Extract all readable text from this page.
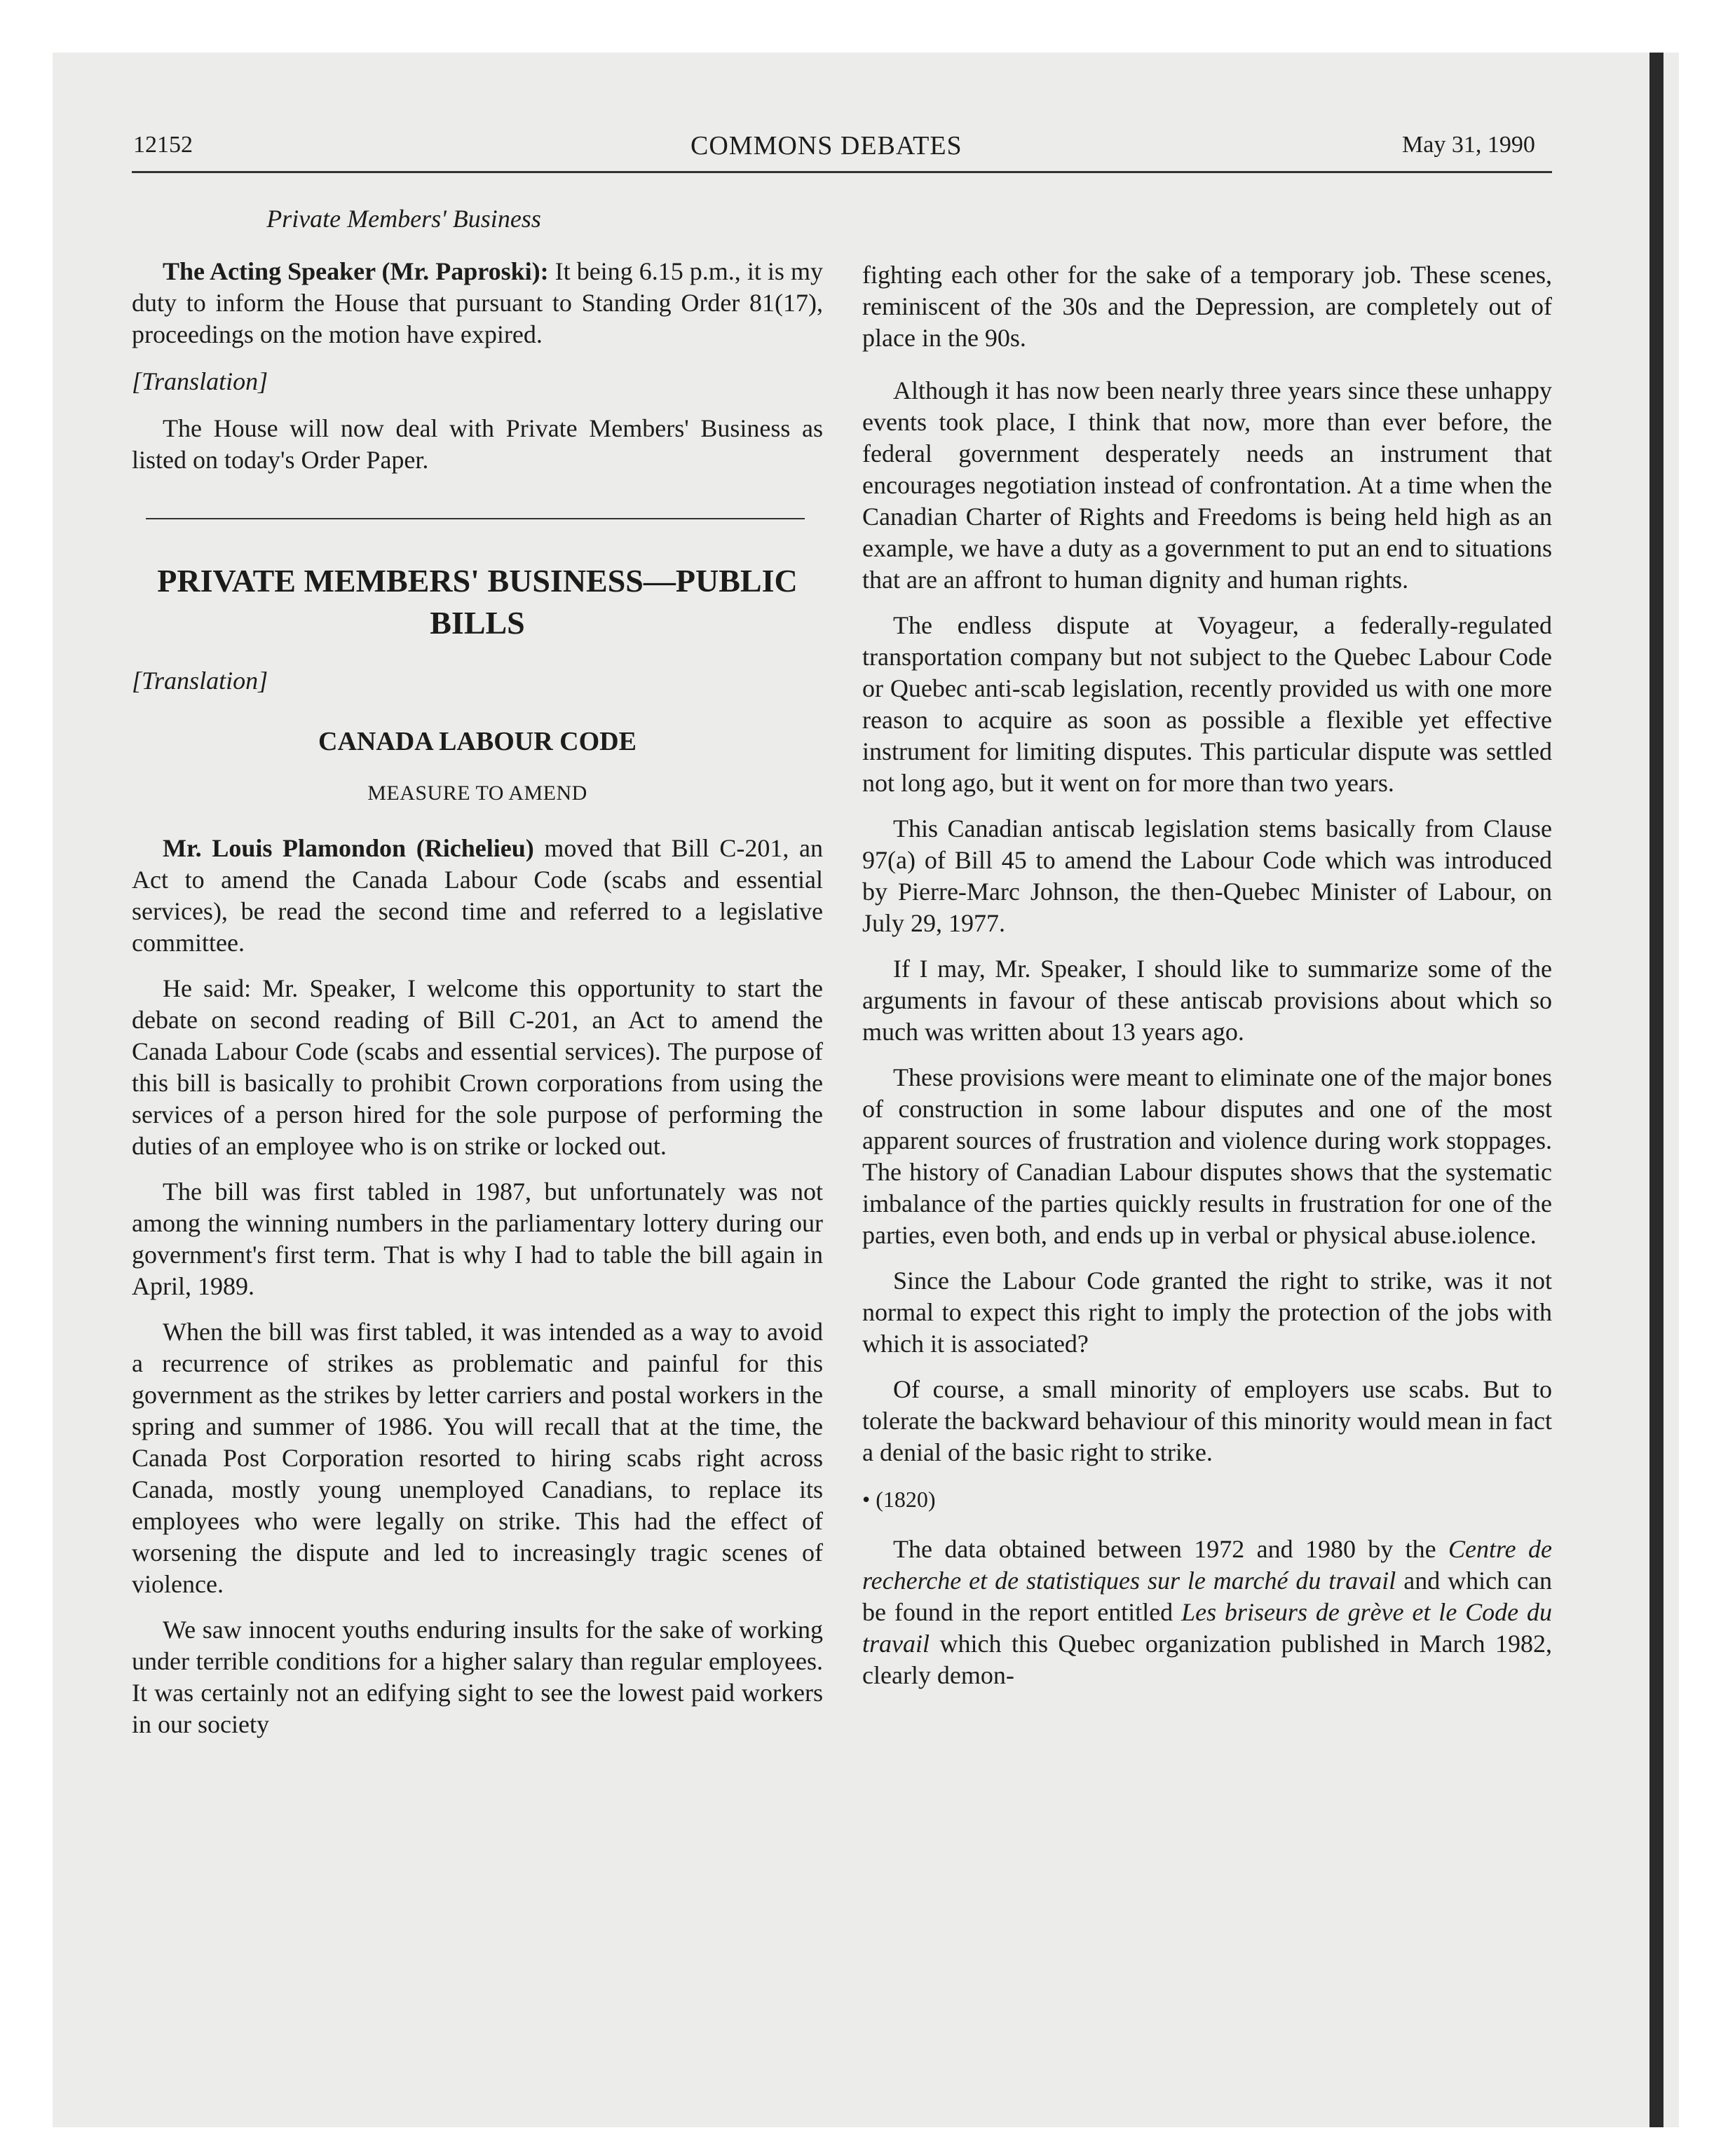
12152	COMMONS DEBATES	May 31, 1990

Private Members' Business

The Acting Speaker (Mr. Paproski): It being 6.15 p.m., it is my duty to inform the House that pursuant to Standing Order 81(17), proceedings on the motion have expired.

[Translation]

The House will now deal with Private Members' Business as listed on today's Order Paper.

PRIVATE MEMBERS' BUSINESS—PUBLIC BILLS

[Translation]

CANADA LABOUR CODE

MEASURE TO AMEND

Mr. Louis Plamondon (Richelieu) moved that Bill C-201, an Act to amend the Canada Labour Code (scabs and essential services), be read the second time and referred to a legislative committee.

He said: Mr. Speaker, I welcome this opportunity to start the debate on second reading of Bill C-201, an Act to amend the Canada Labour Code (scabs and essential services). The purpose of this bill is basically to prohibit Crown corporations from using the services of a person hired for the sole purpose of performing the duties of an employee who is on strike or locked out.

The bill was first tabled in 1987, but unfortunately was not among the winning numbers in the parliamentary lottery during our government's first term. That is why I had to table the bill again in April, 1989.

When the bill was first tabled, it was intended as a way to avoid a recurrence of strikes as problematic and painful for this government as the strikes by letter carriers and postal workers in the spring and summer of 1986. You will recall that at the time, the Canada Post Corporation resorted to hiring scabs right across Canada, mostly young unemployed Canadians, to replace its employees who were legally on strike. This had the effect of worsening the dispute and led to increasingly tragic scenes of violence.

We saw innocent youths enduring insults for the sake of working under terrible conditions for a higher salary than regular employees. It was certainly not an edifying sight to see the lowest paid workers in our society

fighting each other for the sake of a temporary job. These scenes, reminiscent of the 30s and the Depression, are completely out of place in the 90s.

Although it has now been nearly three years since these unhappy events took place, I think that now, more than ever before, the federal government desperately needs an instrument that encourages negotiation instead of confrontation. At a time when the Canadian Charter of Rights and Freedoms is being held high as an example, we have a duty as a government to put an end to situations that are an affront to human dignity and human rights.

The endless dispute at Voyageur, a federally-regulated transportation company but not subject to the Quebec Labour Code or Quebec anti-scab legislation, recently provided us with one more reason to acquire as soon as possible a flexible yet effective instrument for limiting disputes. This particular dispute was settled not long ago, but it went on for more than two years.

This Canadian antiscab legislation stems basically from Clause 97(a) of Bill 45 to amend the Labour Code which was introduced by Pierre-Marc Johnson, the then-Quebec Minister of Labour, on July 29, 1977.

If I may, Mr. Speaker, I should like to summarize some of the arguments in favour of these antiscab provisions about which so much was written about 13 years ago.

These provisions were meant to eliminate one of the major bones of construction in some labour disputes and one of the most apparent sources of frustration and violence during work stoppages. The history of Canadian Labour disputes shows that the systematic imbalance of the parties quickly results in frustration for one of the parties, even both, and ends up in verbal or physical abuse.iolence.

Since the Labour Code granted the right to strike, was it not normal to expect this right to imply the protection of the jobs with which it is associated?

Of course, a small minority of employers use scabs. But to tolerate the backward behaviour of this minority would mean in fact a denial of the basic right to strike.

• (1820)

The data obtained between 1972 and 1980 by the Centre de recherche et de statistiques sur le marché du travail and which can be found in the report entitled Les briseurs de grève et le Code du travail which this Quebec organization published in March 1982, clearly demon-
